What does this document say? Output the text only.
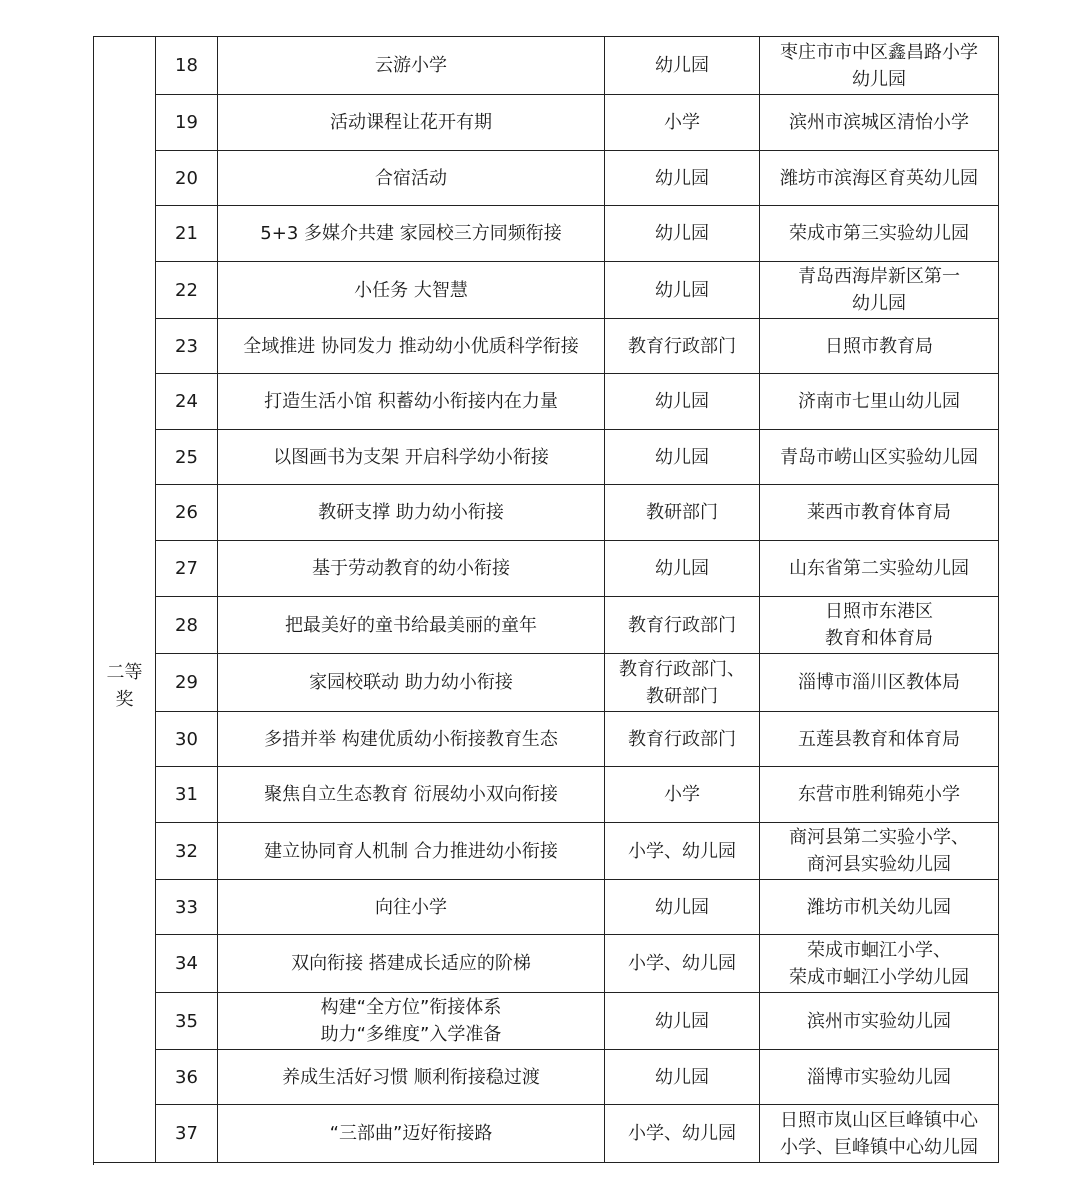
二等奖	18	云游小学	幼儿园	枣庄市市中区鑫昌路小学
幼儿园
	19	活动课程让花开有期	小学	滨州市滨城区清怡小学
	20	合宿活动	幼儿园	潍坊市滨海区育英幼儿园
	21	5+3 多媒介共建 家园校三方同频衔接	幼儿园	荣成市第三实验幼儿园
	22	小任务 大智慧	幼儿园	青岛西海岸新区第一
幼儿园
	23	全域推进 协同发力 推动幼小优质科学衔接	教育行政部门	日照市教育局
	24	打造生活小馆 积蓄幼小衔接内在力量	幼儿园	济南市七里山幼儿园
	25	以图画书为支架 开启科学幼小衔接	幼儿园	青岛市崂山区实验幼儿园
	26	教研支撑 助力幼小衔接	教研部门	莱西市教育体育局
	27	基于劳动教育的幼小衔接	幼儿园	山东省第二实验幼儿园
	28	把最美好的童书给最美丽的童年	教育行政部门	日照市东港区
教育和体育局
	29	家园校联动 助力幼小衔接	教育行政部门、
教研部门	淄博市淄川区教体局
	30	多措并举 构建优质幼小衔接教育生态	教育行政部门	五莲县教育和体育局
	31	聚焦自立生态教育 衍展幼小双向衔接	小学	东营市胜利锦苑小学
	32	建立协同育人机制 合力推进幼小衔接	小学、幼儿园	商河县第二实验小学、
商河县实验幼儿园
	33	向往小学	幼儿园	潍坊市机关幼儿园
	34	双向衔接 搭建成长适应的阶梯	小学、幼儿园	荣成市蛔江小学、
荣成市蛔江小学幼儿园
	35	构建“全方位”衔接体系
助力“多维度”入学准备	幼儿园	滨州市实验幼儿园
	36	养成生活好习惯 顺利衔接稳过渡	幼儿园	淄博市实验幼儿园
	37	“三部曲”迈好衔接路	小学、幼儿园	日照市岚山区巨峰镇中心
小学、巨峰镇中心幼儿园
